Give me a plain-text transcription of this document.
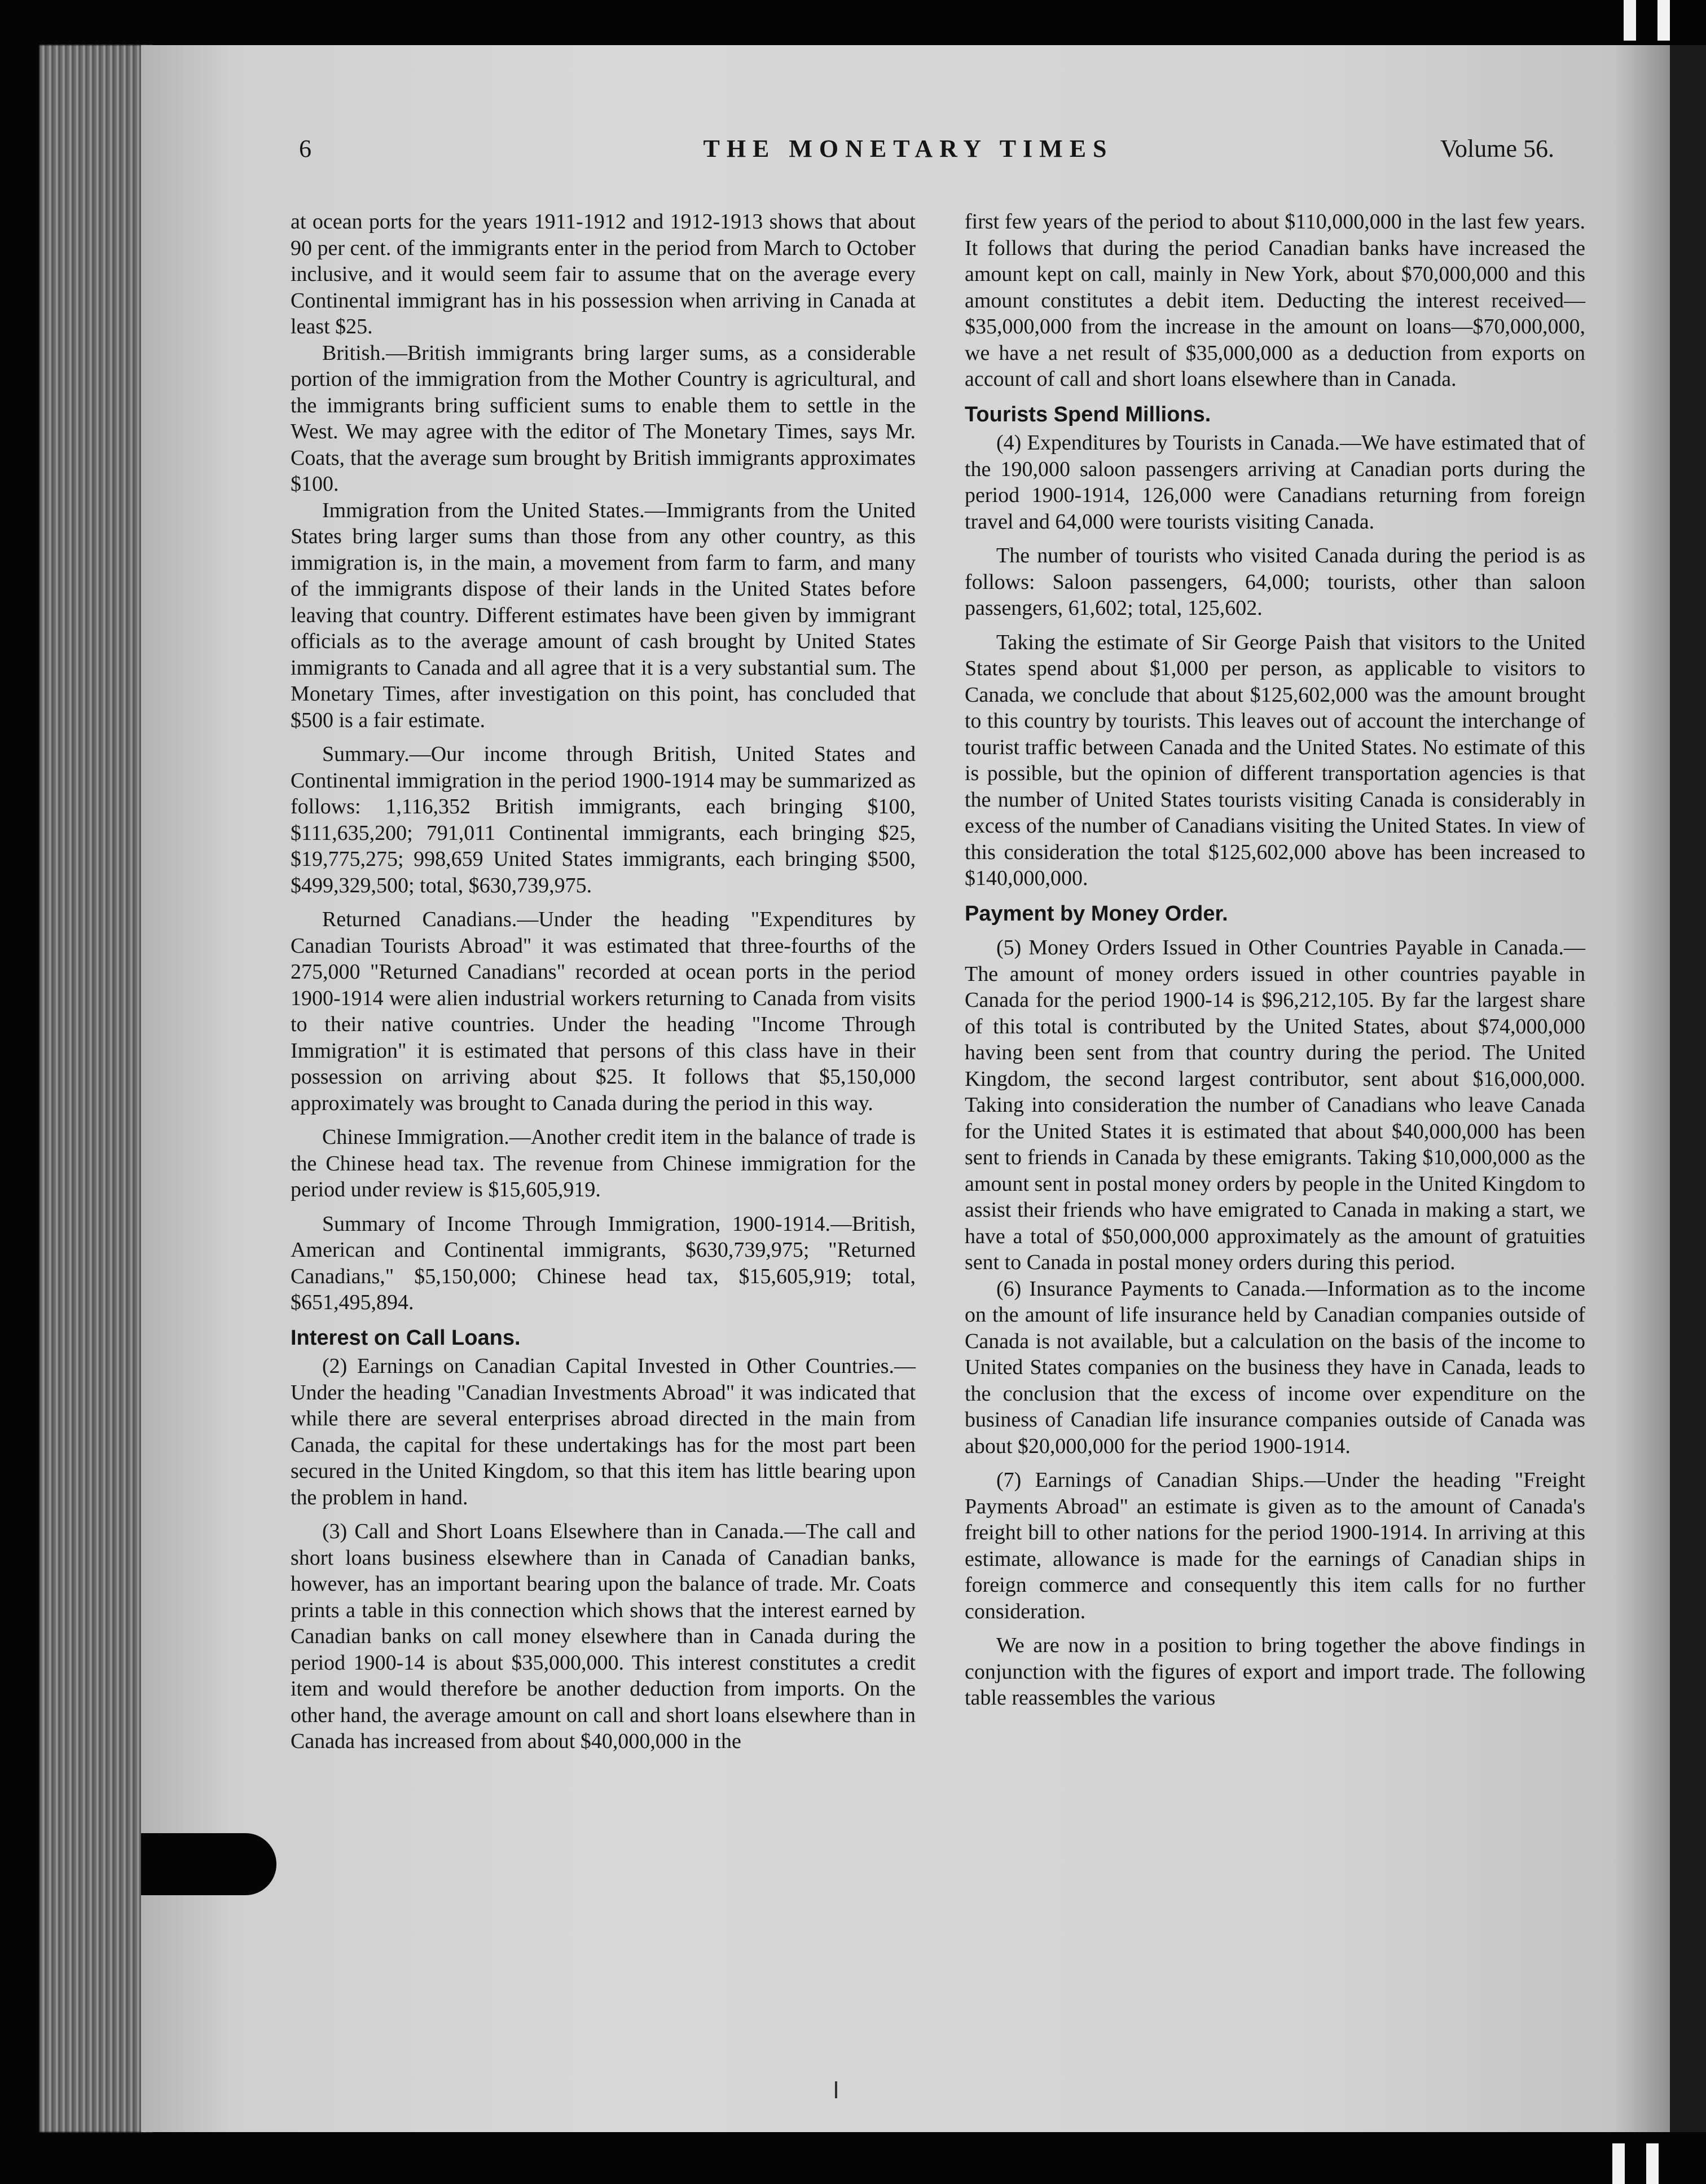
6	THE MONETARY TIMES	Volume 56.

at ocean ports for the years 1911-1912 and 1912-1913 shows that about 90 per cent. of the immigrants enter in the period from March to October inclusive, and it would seem fair to assume that on the average every Continental immigrant has in his possession when arriving in Canada at least $25.

British.—British immigrants bring larger sums, as a considerable portion of the immigration from the Mother Country is agricultural, and the immigrants bring sufficient sums to enable them to settle in the West. We may agree with the editor of The Monetary Times, says Mr. Coats, that the average sum brought by British immigrants approximates $100.

Immigration from the United States.—Immigrants from the United States bring larger sums than those from any other country, as this immigration is, in the main, a movement from farm to farm, and many of the immigrants dispose of their lands in the United States before leaving that country. Different estimates have been given by immigrant officials as to the average amount of cash brought by United States immigrants to Canada and all agree that it is a very substantial sum. The Monetary Times, after investigation on this point, has concluded that $500 is a fair estimate.

Summary.—Our income through British, United States and Continental immigration in the period 1900-1914 may be summarized as follows: 1,116,352 British immigrants, each bringing $100, $111,635,200; 791,011 Continental immigrants, each bringing $25, $19,775,275; 998,659 United States immigrants, each bringing $500, $499,329,500; total, $630,739,975.

Returned Canadians.—Under the heading "Expenditures by Canadian Tourists Abroad" it was estimated that three-fourths of the 275,000 "Returned Canadians" recorded at ocean ports in the period 1900-1914 were alien industrial workers returning to Canada from visits to their native countries. Under the heading "Income Through Immigration" it is estimated that persons of this class have in their possession on arriving about $25. It follows that $5,150,000 approximately was brought to Canada during the period in this way.

Chinese Immigration.—Another credit item in the balance of trade is the Chinese head tax. The revenue from Chinese immigration for the period under review is $15,605,919.

Summary of Income Through Immigration, 1900-1914.—British, American and Continental immigrants, $630,739,975; "Returned Canadians," $5,150,000; Chinese head tax, $15,605,919; total, $651,495,894.

Interest on Call Loans.

(2) Earnings on Canadian Capital Invested in Other Countries.—Under the heading "Canadian Investments Abroad" it was indicated that while there are several enterprises abroad directed in the main from Canada, the capital for these undertakings has for the most part been secured in the United Kingdom, so that this item has little bearing upon the problem in hand.

(3) Call and Short Loans Elsewhere than in Canada.—The call and short loans business elsewhere than in Canada of Canadian banks, however, has an important bearing upon the balance of trade. Mr. Coats prints a table in this connection which shows that the interest earned by Canadian banks on call money elsewhere than in Canada during the period 1900-14 is about $35,000,000. This interest constitutes a credit item and would therefore be another deduction from imports. On the other hand, the average amount on call and short loans elsewhere than in Canada has increased from about $40,000,000 in the

first few years of the period to about $110,000,000 in the last few years. It follows that during the period Canadian banks have increased the amount kept on call, mainly in New York, about $70,000,000 and this amount constitutes a debit item. Deducting the interest received—$35,000,000 from the increase in the amount on loans—$70,000,000, we have a net result of $35,000,000 as a deduction from exports on account of call and short loans elsewhere than in Canada.

Tourists Spend Millions.

(4) Expenditures by Tourists in Canada.—We have estimated that of the 190,000 saloon passengers arriving at Canadian ports during the period 1900-1914, 126,000 were Canadians returning from foreign travel and 64,000 were tourists visiting Canada.

The number of tourists who visited Canada during the period is as follows: Saloon passengers, 64,000; tourists, other than saloon passengers, 61,602; total, 125,602.

Taking the estimate of Sir George Paish that visitors to the United States spend about $1,000 per person, as applicable to visitors to Canada, we conclude that about $125,602,000 was the amount brought to this country by tourists. This leaves out of account the interchange of tourist traffic between Canada and the United States. No estimate of this is possible, but the opinion of different transportation agencies is that the number of United States tourists visiting Canada is considerably in excess of the number of Canadians visiting the United States. In view of this consideration the total $125,602,000 above has been increased to $140,000,000.

Payment by Money Order.

(5) Money Orders Issued in Other Countries Payable in Canada.—The amount of money orders issued in other countries payable in Canada for the period 1900-14 is $96,212,105. By far the largest share of this total is contributed by the United States, about $74,000,000 having been sent from that country during the period. The United Kingdom, the second largest contributor, sent about $16,000,000. Taking into consideration the number of Canadians who leave Canada for the United States it is estimated that about $40,000,000 has been sent to friends in Canada by these emigrants. Taking $10,000,000 as the amount sent in postal money orders by people in the United Kingdom to assist their friends who have emigrated to Canada in making a start, we have a total of $50,000,000 approximately as the amount of gratuities sent to Canada in postal money orders during this period.

(6) Insurance Payments to Canada.—Information as to the income on the amount of life insurance held by Canadian companies outside of Canada is not available, but a calculation on the basis of the income to United States companies on the business they have in Canada, leads to the conclusion that the excess of income over expenditure on the business of Canadian life insurance companies outside of Canada was about $20,000,000 for the period 1900-1914.

(7) Earnings of Canadian Ships.—Under the heading "Freight Payments Abroad" an estimate is given as to the amount of Canada's freight bill to other nations for the period 1900-1914. In arriving at this estimate, allowance is made for the earnings of Canadian ships in foreign commerce and consequently this item calls for no further consideration.

We are now in a position to bring together the above findings in conjunction with the figures of export and import trade. The following table reassembles the various
